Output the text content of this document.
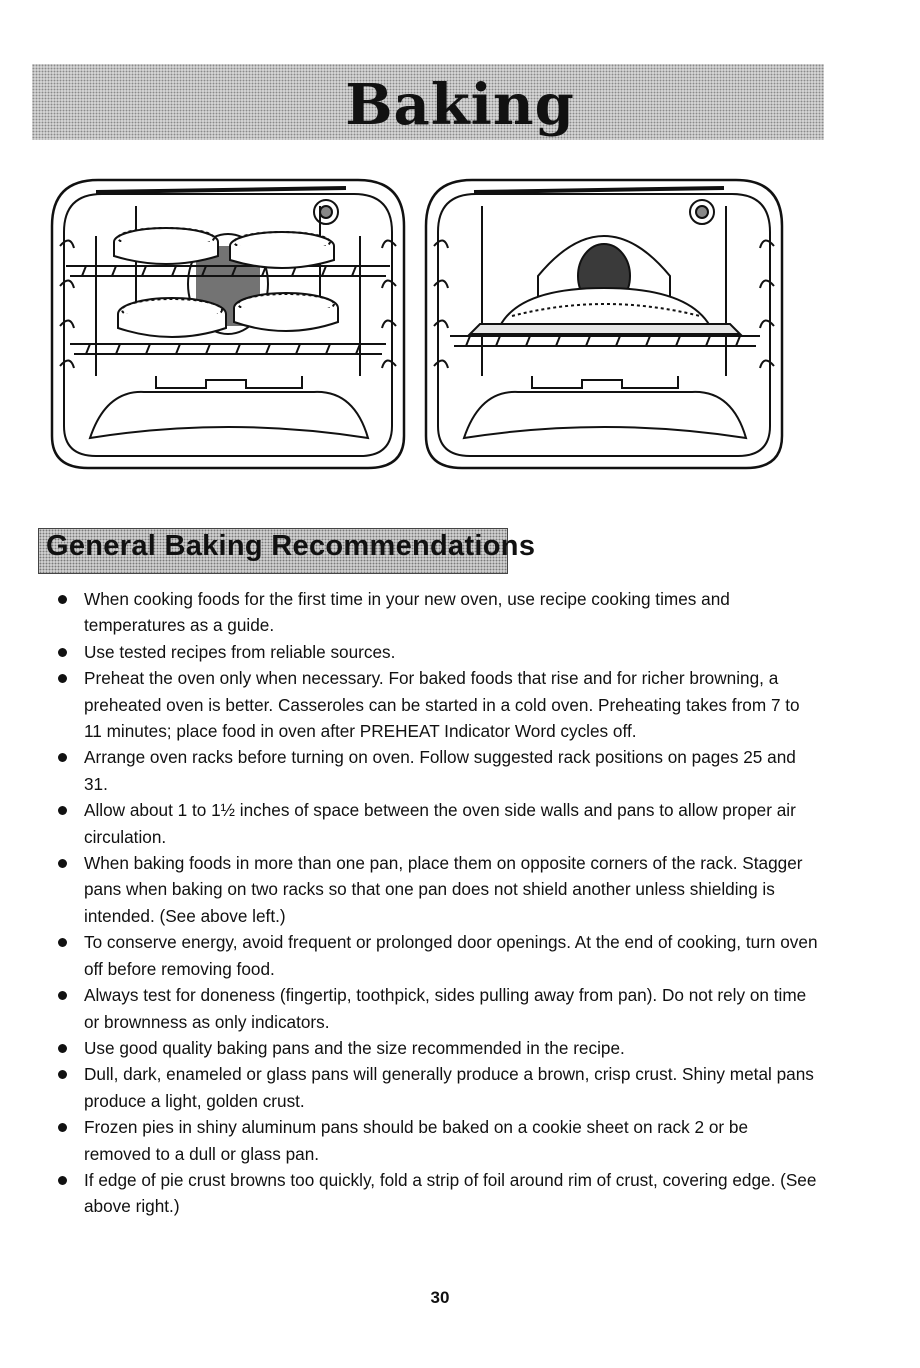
Baking
General Baking Recommendations
When cooking foods for the first time in your new oven, use recipe cooking times and temperatures as a guide.
Use tested recipes from reliable sources.
Preheat the oven only when necessary. For baked foods that rise and for richer browning, a preheated oven is better. Casseroles can be started in a cold oven. Preheating takes from 7 to 11 minutes; place food in oven after PREHEAT Indicator Word cycles off.
Arrange oven racks before turning on oven. Follow suggested rack positions on pages 25 and 31.
Allow about 1 to 1½ inches of space between the oven side walls and pans to allow proper air circulation.
When baking foods in more than one pan, place them on opposite corners of the rack. Stagger pans when baking on two racks so that one pan does not shield another unless shielding is intended. (See above left.)
To conserve energy, avoid frequent or prolonged door openings. At the end of cooking, turn oven off before removing food.
Always test for doneness (fingertip, toothpick, sides pulling away from pan). Do not rely on time or brownness as only indicators.
Use good quality baking pans and the size recommended in the recipe.
Dull, dark, enameled or glass pans will generally produce a brown, crisp crust. Shiny metal pans produce a light, golden crust.
Frozen pies in shiny aluminum pans should be baked on a cookie sheet on rack 2 or be removed to a dull or glass pan.
If edge of pie crust browns too quickly, fold a strip of foil around rim of crust, covering edge. (See above right.)
30
